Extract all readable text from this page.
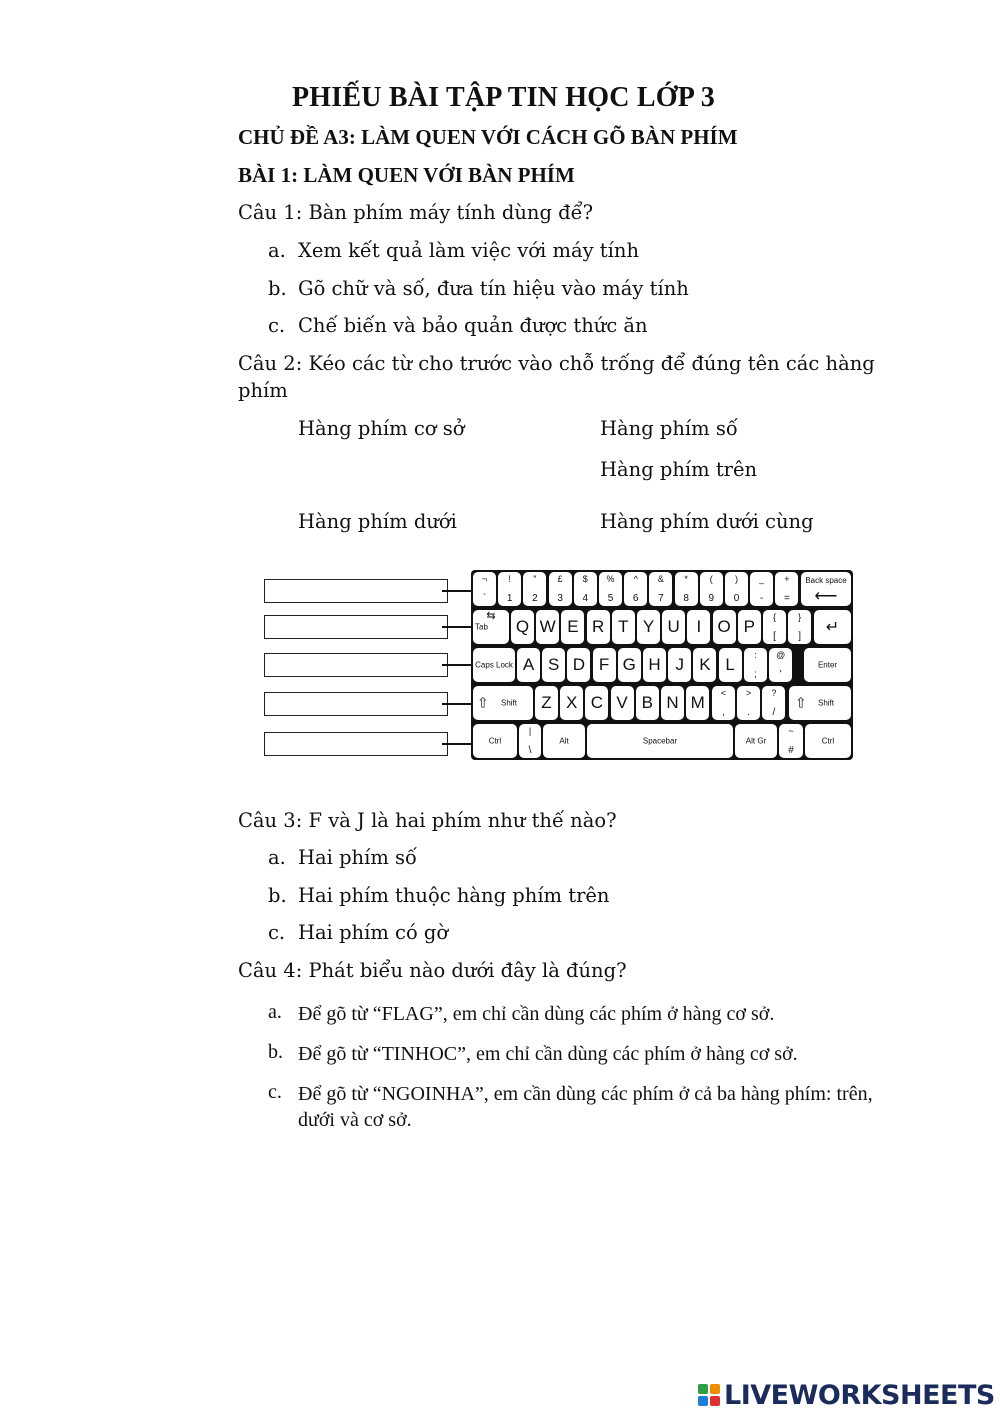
PHIẾU BÀI TẬP TIN HỌC LỚP 3
CHỦ ĐỀ A3: LÀM QUEN VỚI CÁCH GÕ BÀN PHÍM
BÀI 1: LÀM QUEN VỚI BÀN PHÍM
Câu 1: Bàn phím máy tính dùng để?
a. Xem kết quả làm việc với máy tính
b. Gõ chữ và số, đưa tín hiệu vào máy tính
c. Chế biến và bảo quản được thức ăn
Câu 2: Kéo các từ cho trước vào chỗ trống để đúng tên các hàng
phím
Hàng phím cơ sở	Hàng phím số
Hàng phím trên
Hàng phím dưới	Hàng phím dưới cùng
¬
`
!
1
"
2
£
3
$
4
%
5
^
6
&
7
*
8
(
9
)
0
_
-
+
=
Back space
⟵
Tab
⇆
Q W E R T Y U I O P	{
[
}
]
↵
Caps Lock A S D F G H J K L	:
;
@
'
Enter
Shift
⇧	Z X C V B N M	<
,
>
.
?
/
Shift
⇧
Ctrl
|
\
Alt	Spacebar	Alt Gr
~
#
Ctrl
Câu 3: F và J là hai phím như thế nào?
a. Hai phím số
b. Hai phím thuộc hàng phím trên
c. Hai phím có gờ
Câu 4: Phát biểu nào dưới đây là đúng?
a. Để gõ từ “FLAG”, em chỉ cần dùng các phím ở hàng cơ sở.
b. Để gõ từ “TINHOC”, em chỉ cần dùng các phím ở hàng cơ sở.
c. Để gõ từ “NGOINHA”, em cần dùng các phím ở cả ba hàng phím: trên, dưới và cơ sở.
LIVEWORKSHEETS
